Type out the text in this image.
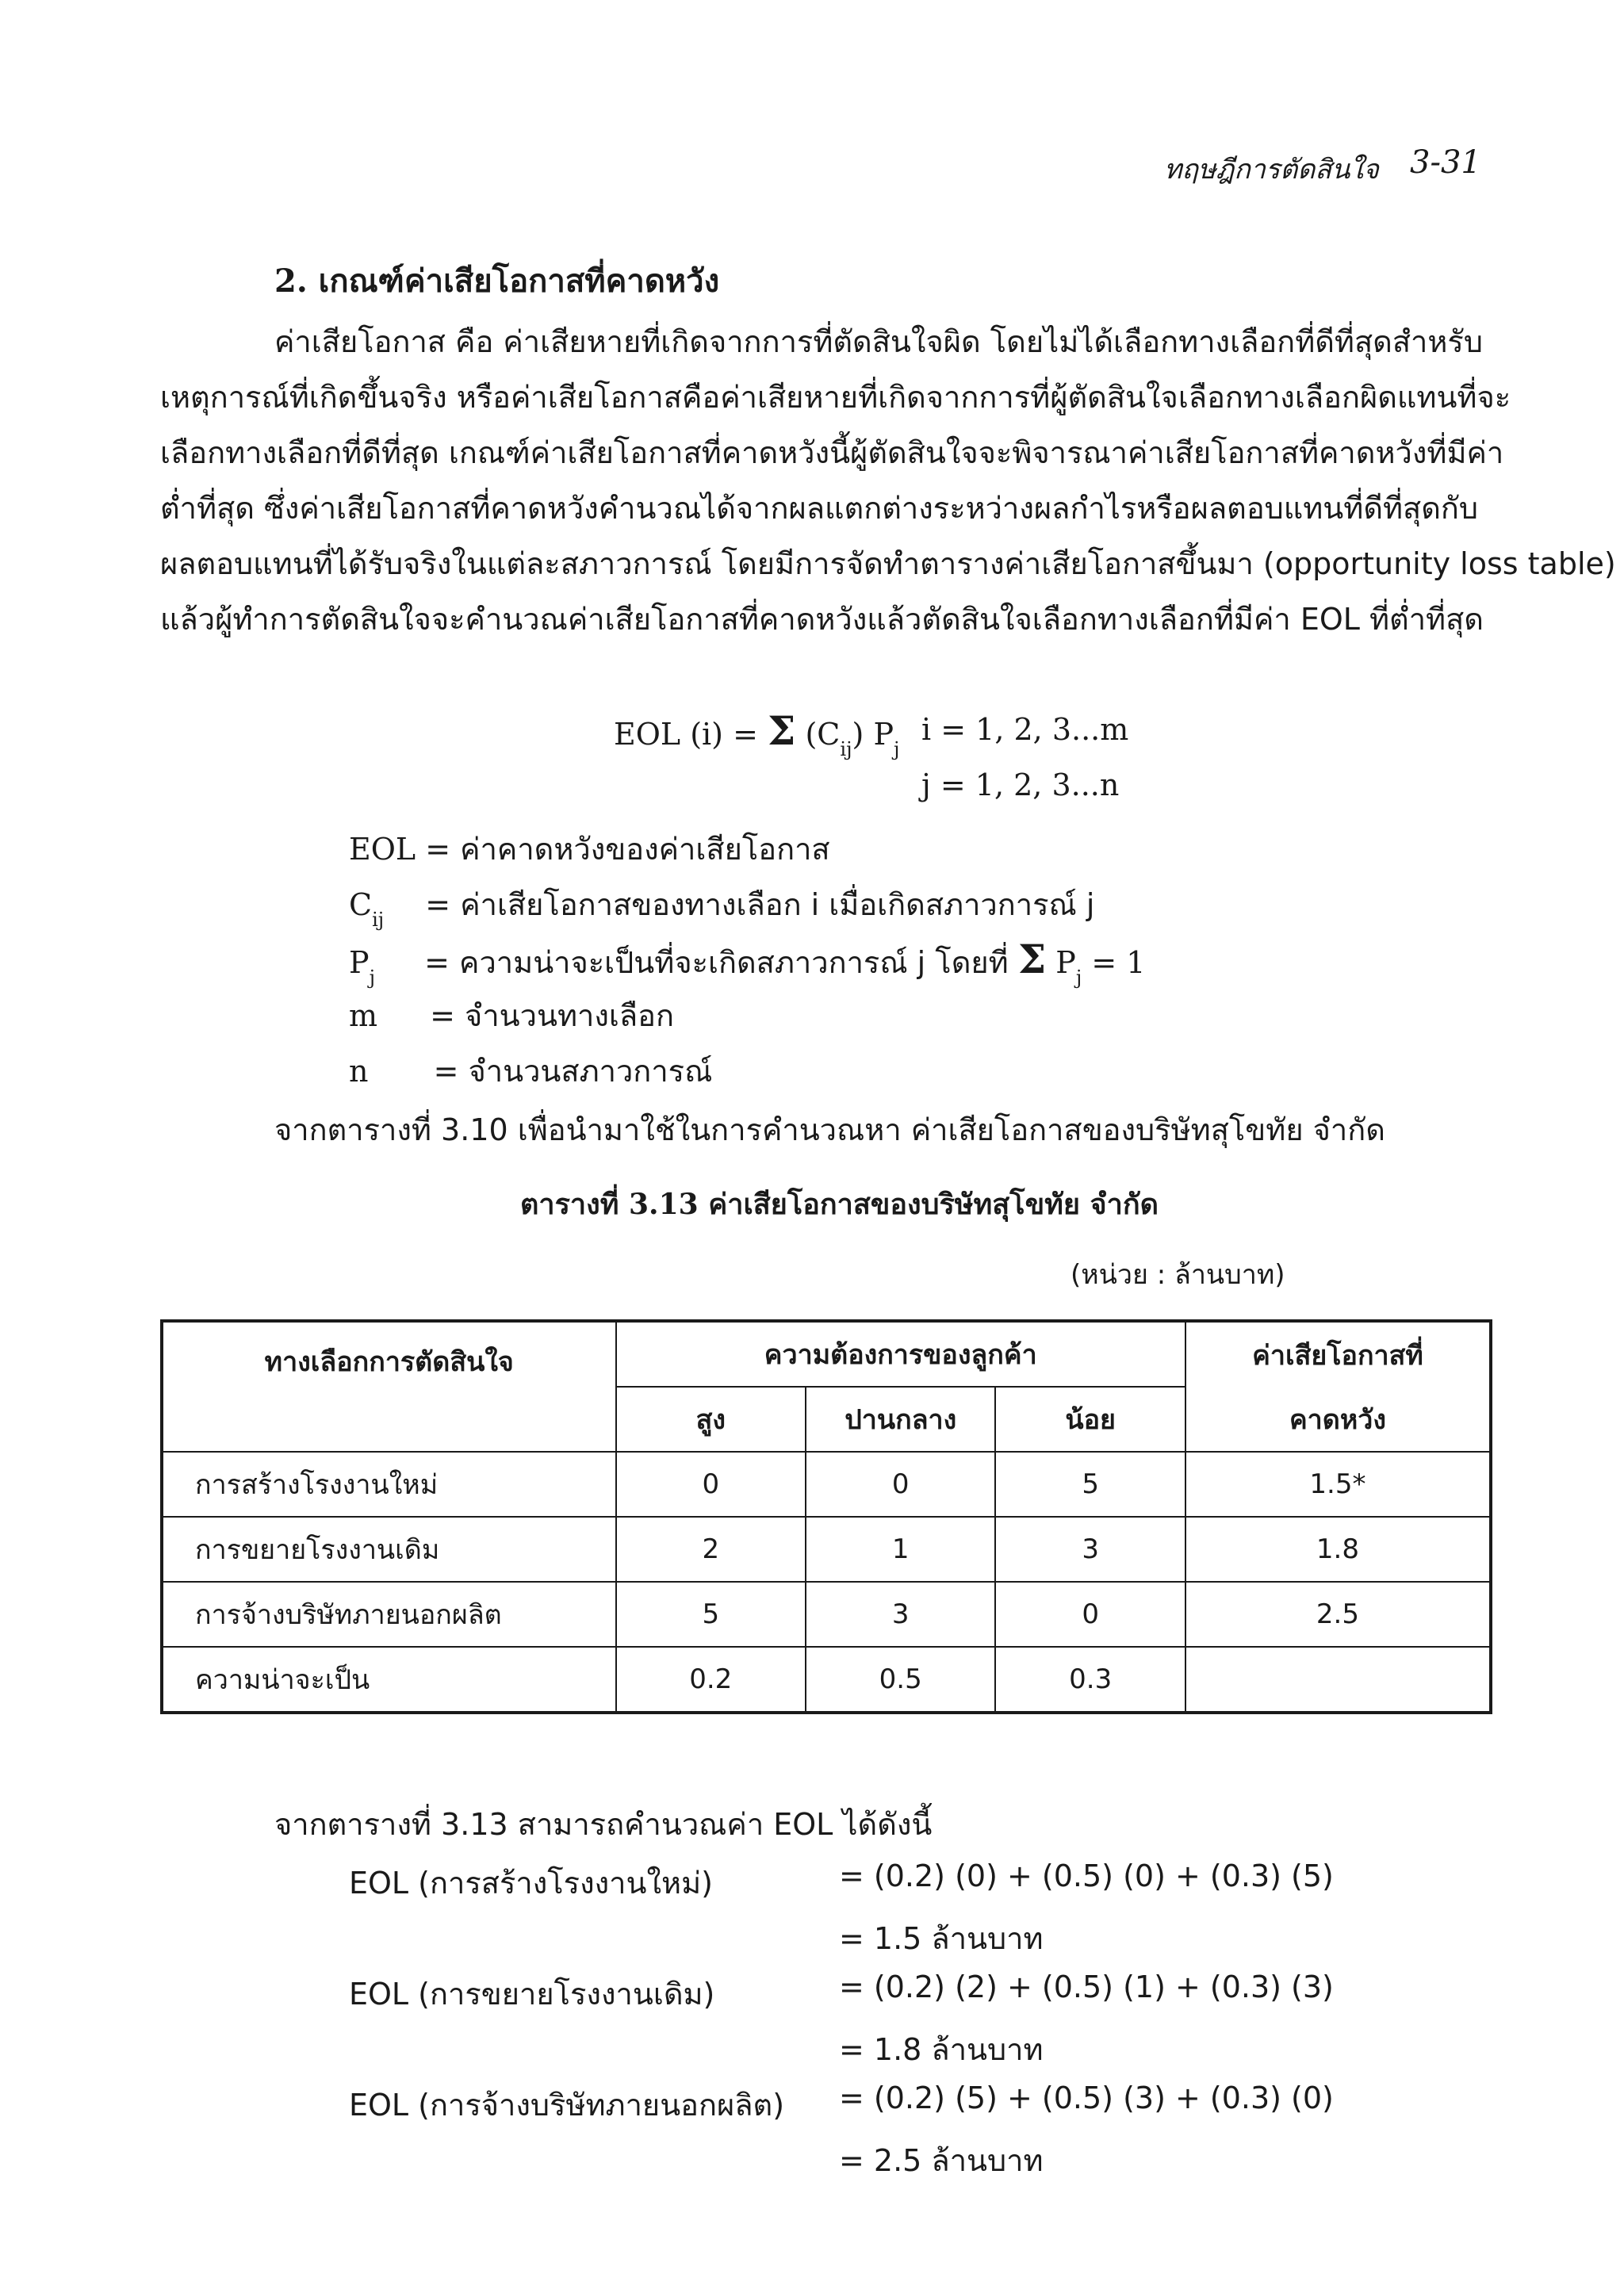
ทฤษฎีการตัดสินใจ 3-31
2. เกณฑ์ค่าเสียโอกาสที่คาดหวัง
ค่าเสียโอกาส คือ ค่าเสียหายที่เกิดจากการที่ตัดสินใจผิด โดยไม่ได้เลือกทางเลือกที่ดีที่สุดสำหรับ
เหตุการณ์ที่เกิดขึ้นจริง หรือค่าเสียโอกาสคือค่าเสียหายที่เกิดจากการที่ผู้ตัดสินใจเลือกทางเลือกผิดแทนที่จะ
เลือกทางเลือกที่ดีที่สุด เกณฑ์ค่าเสียโอกาสที่คาดหวังนี้ผู้ตัดสินใจจะพิจารณาค่าเสียโอกาสที่คาดหวังที่มีค่า
ต่ำที่สุด ซึ่งค่าเสียโอกาสที่คาดหวังคำนวณได้จากผลแตกต่างระหว่างผลกำไรหรือผลตอบแทนที่ดีที่สุดกับ
ผลตอบแทนที่ได้รับจริงในแต่ละสภาวการณ์ โดยมีการจัดทำตารางค่าเสียโอกาสขึ้นมา (opportunity loss table)
แล้วผู้ทำการตัดสินใจจะคำนวณค่าเสียโอกาสที่คาดหวังแล้วตัดสินใจเลือกทางเลือกที่มีค่า EOL ที่ต่ำที่สุด
EOL (i) = Σ $(C_{ij})$ $P_j$
i = 1, 2, 3...m
j = 1, 2, 3...n
EOL = ค่าคาดหวังของค่าเสียโอกาส
$C_{ij}$ = ค่าเสียโอกาสของทางเลือก i เมื่อเกิดสภาวการณ์ j
$P_j$ = ความน่าจะเป็นที่จะเกิดสภาวการณ์ j โดยที่ Σ $P_j = 1$
m = จำนวนทางเลือก
n = จำนวนสภาวการณ์
จากตารางที่ 3.10 เพื่อนำมาใช้ในการคำนวณหา ค่าเสียโอกาสของบริษัทสุโขทัย จำกัด
ตารางที่ 3.13 ค่าเสียโอกาสของบริษัทสุโขทัย จำกัด
(หน่วย : ล้านบาท)
ทางเลือกการตัดสินใจ	ความต้องการของลูกค้า			ค่าเสียโอกาสที่
	สูง	ปานกลาง	น้อย	คาดหวัง
การสร้างโรงงานใหม่	0	0	5	1.5*
การขยายโรงงานเดิม	2	1	3	1.8
การจ้างบริษัทภายนอกผลิต	5	3	0	2.5
ความน่าจะเป็น	0.2	0.5	0.3	
จากตารางที่ 3.13 สามารถคำนวณค่า EOL ได้ดังนี้
EOL (การสร้างโรงงานใหม่)	= (0.2) (0) + (0.5) (0) + (0.3) (5)
= 1.5 ล้านบาท
EOL (การขยายโรงงานเดิม)	= (0.2) (2) + (0.5) (1) + (0.3) (3)
= 1.8 ล้านบาท
EOL (การจ้างบริษัทภายนอกผลิต) = (0.2) (5) + (0.5) (3) + (0.3) (0)
= 2.5 ล้านบาท
